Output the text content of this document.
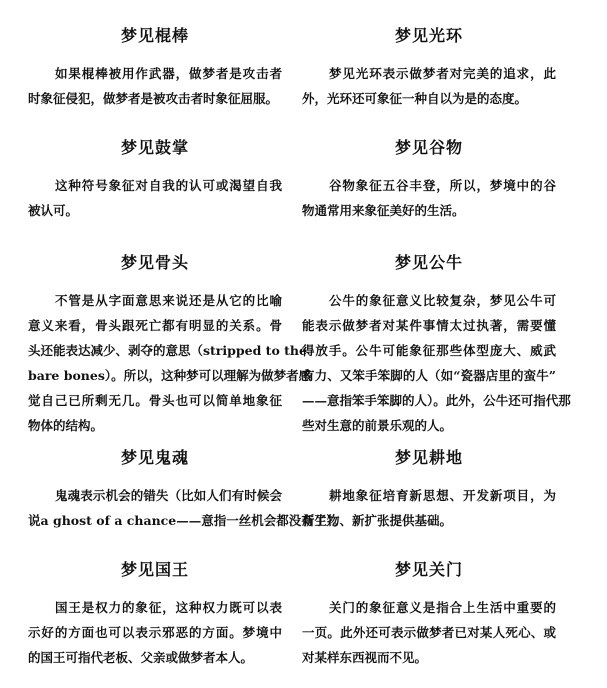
梦见棍棒
如果棍棒被用作武器，做梦者是攻击者
时象征侵犯，做梦者是被攻击者时象征屈服。
梦见鼓掌
这种符号象征对自我的认可或渴望自我
被认可。
梦见骨头
不管是从字面意思来说还是从它的比喻
意义来看，骨头跟死亡都有明显的关系。骨
头还能表达减少、剥夺的意思（stripped to the
bare bones）。所以，这种梦可以理解为做梦者感
觉自己已所剩无几。骨头也可以简单地象征
物体的结构。
梦见鬼魂
鬼魂表示机会的错失（比如人们有时候会
说a ghost of a chance——意指一丝机会都没有了）。
梦见国王
国王是权力的象征，这种权力既可以表
示好的方面也可以表示邪恶的方面。梦境中
的国王可指代老板、父亲或做梦者本人。
梦见光环
梦见光环表示做梦者对完美的追求，此
外，光环还可象征一种自以为是的态度。
梦见谷物
谷物象征五谷丰登，所以，梦境中的谷
物通常用来象征美好的生活。
梦见公牛
公牛的象征意义比较复杂，梦见公牛可
能表示做梦者对某件事情太过执著，需要懂
得放手。公牛可能象征那些体型庞大、威武
有力、又笨手笨脚的人（如“瓷器店里的蛮牛”
——意指笨手笨脚的人）。此外，公牛还可指代那
些对生意的前景乐观的人。
梦见耕地
耕地象征培育新思想、开发新项目，为
新生物、新扩张提供基础。
梦见关门
关门的象征意义是指合上生活中重要的
一页。此外还可表示做梦者已对某人死心、或
对某样东西视而不见。
